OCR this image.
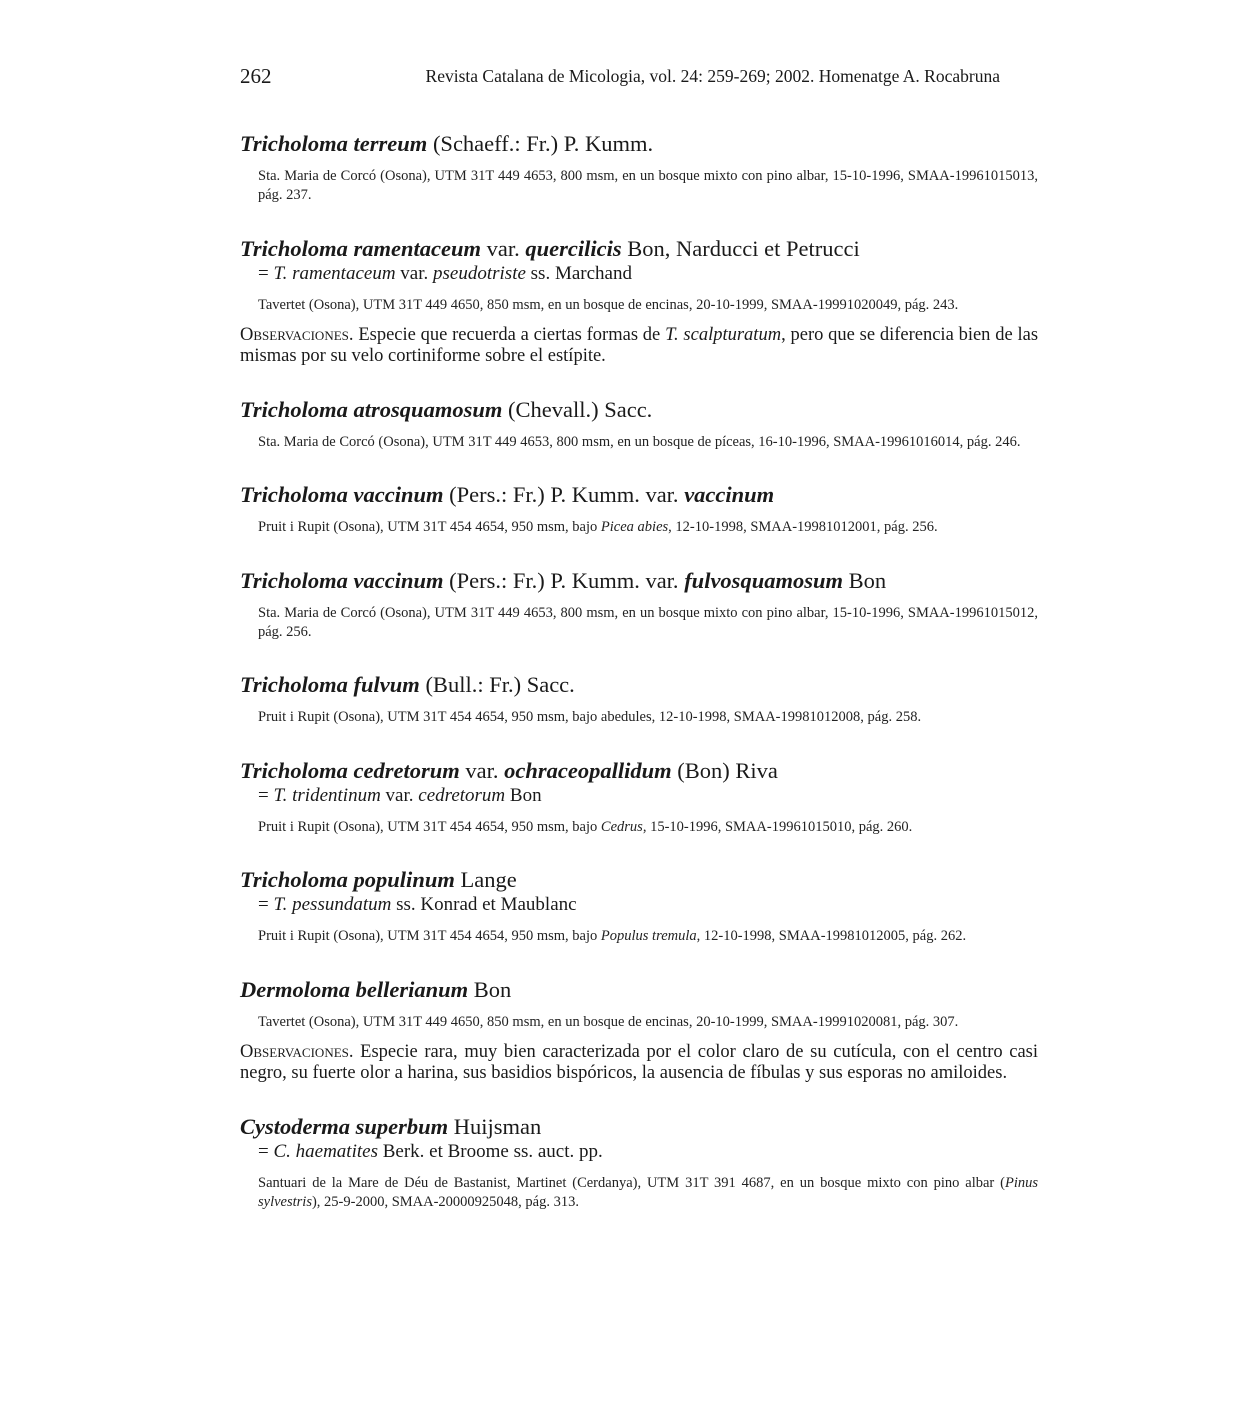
262	Revista Catalana de Micologia, vol. 24: 259-269; 2002. Homenatge A. Rocabruna

Tricholoma terreum (Schaeff.: Fr.) P. Kumm.

Sta. Maria de Corcó (Osona), UTM 31T 449 4653, 800 msm, en un bosque mixto con pino albar, 15-10-1996, SMAA-19961015013, pág. 237.

Tricholoma ramentaceum var. quercilicis Bon, Narducci et Petrucci

= T. ramentaceum var. pseudotriste ss. Marchand

Tavertet (Osona), UTM 31T 449 4650, 850 msm, en un bosque de encinas, 20-10-1999, SMAA-19991020049, pág. 243.

Observaciones. Especie que recuerda a ciertas formas de T. scalpturatum, pero que se diferencia bien de las mismas por su velo cortiniforme sobre el estípite.

Tricholoma atrosquamosum (Chevall.) Sacc.

Sta. Maria de Corcó (Osona), UTM 31T 449 4653, 800 msm, en un bosque de píceas, 16-10-1996, SMAA-19961016014, pág. 246.

Tricholoma vaccinum (Pers.: Fr.) P. Kumm. var. vaccinum

Pruit i Rupit (Osona), UTM 31T 454 4654, 950 msm, bajo Picea abies, 12-10-1998, SMAA-19981012001, pág. 256.

Tricholoma vaccinum (Pers.: Fr.) P. Kumm. var. fulvosquamosum Bon

Sta. Maria de Corcó (Osona), UTM 31T 449 4653, 800 msm, en un bosque mixto con pino albar, 15-10-1996, SMAA-19961015012, pág. 256.

Tricholoma fulvum (Bull.: Fr.) Sacc.

Pruit i Rupit (Osona), UTM 31T 454 4654, 950 msm, bajo abedules, 12-10-1998, SMAA-19981012008, pág. 258.

Tricholoma cedretorum var. ochraceopallidum (Bon) Riva

= T. tridentinum var. cedretorum Bon

Pruit i Rupit (Osona), UTM 31T 454 4654, 950 msm, bajo Cedrus, 15-10-1996, SMAA-19961015010, pág. 260.

Tricholoma populinum Lange

= T. pessundatum ss. Konrad et Maublanc

Pruit i Rupit (Osona), UTM 31T 454 4654, 950 msm, bajo Populus tremula, 12-10-1998, SMAA-19981012005, pág. 262.

Dermoloma bellerianum Bon

Tavertet (Osona), UTM 31T 449 4650, 850 msm, en un bosque de encinas, 20-10-1999, SMAA-19991020081, pág. 307.

Observaciones. Especie rara, muy bien caracterizada por el color claro de su cutícula, con el centro casi negro, su fuerte olor a harina, sus basidios bispóricos, la ausencia de fíbulas y sus esporas no amiloides.

Cystoderma superbum Huijsman

= C. haematites Berk. et Broome ss. auct. pp.

Santuari de la Mare de Déu de Bastanist, Martinet (Cerdanya), UTM 31T 391 4687, en un bosque mixto con pino albar (Pinus sylvestris), 25-9-2000, SMAA-20000925048, pág. 313.
